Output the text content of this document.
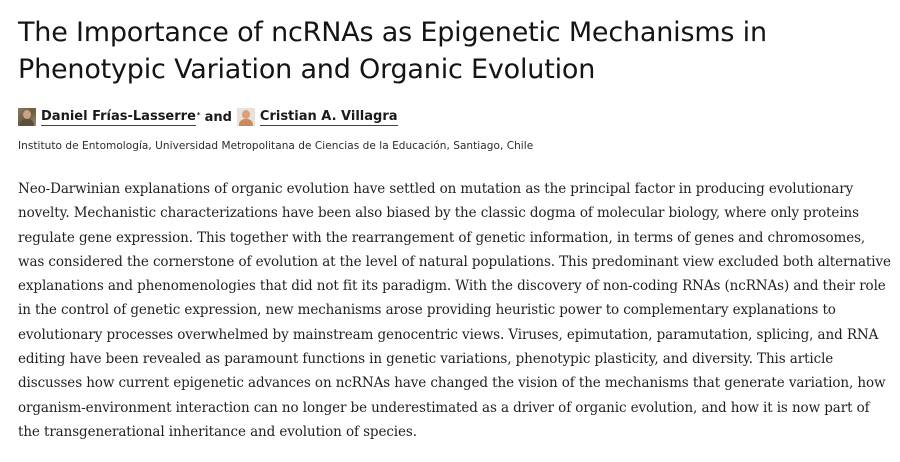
The Importance of ncRNAs as Epigenetic Mechanisms in Phenotypic Variation and Organic Evolution
Daniel Frías-Lasserre * and Cristian A. Villagra
Instituto de Entomología, Universidad Metropolitana de Ciencias de la Educación, Santiago, Chile

Neo-Darwinian explanations of organic evolution have settled on mutation as the principal factor in producing evolutionary novelty. Mechanistic characterizations have been also biased by the classic dogma of molecular biology, where only proteins regulate gene expression. This together with the rearrangement of genetic information, in terms of genes and chromosomes, was considered the cornerstone of evolution at the level of natural populations. This predominant view excluded both alternative explanations and phenomenologies that did not fit its paradigm. With the discovery of non-coding RNAs (ncRNAs) and their role in the control of genetic expression, new mechanisms arose providing heuristic power to complementary explanations to evolutionary processes overwhelmed by mainstream genocentric views. Viruses, epimutation, paramutation, splicing, and RNA editing have been revealed as paramount functions in genetic variations, phenotypic plasticity, and diversity. This article discusses how current epigenetic advances on ncRNAs have changed the vision of the mechanisms that generate variation, how organism-environment interaction can no longer be underestimated as a driver of organic evolution, and how it is now part of the transgenerational inheritance and evolution of species.
